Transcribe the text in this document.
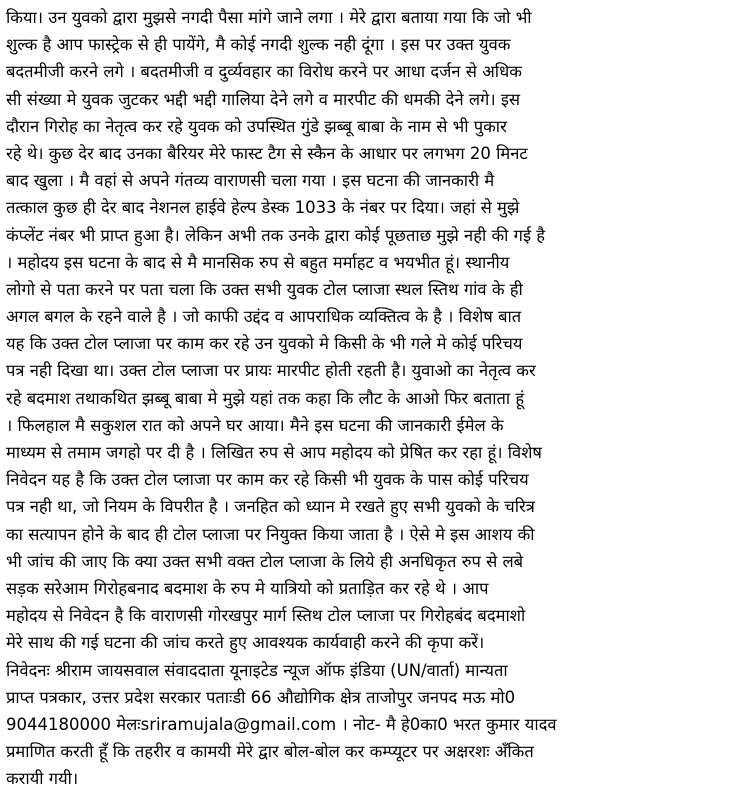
किया। उन युवको द्वारा मुझसे नगदी पैसा मांगे जाने लगा । मेरे द्वारा बताया गया कि जो भी
शुल्क है आप फास्ट्रेक से ही पायेंगे, मै कोई नगदी शुल्क नही दूंगा । इस पर उक्त युवक
बदतमीजी करने लगे । बदतमीजी व दुर्व्यवहार का विरोध करने पर आधा दर्जन से अधिक
सी संख्या मे युवक जुटकर भद्दी भद्दी गालिया देने लगे व मारपीट की धमकी देने लगे। इस
दौरान गिरोह का नेतृत्व कर रहे युवक को उपस्थित गुंडे झब्बू बाबा के नाम से भी पुकार
रहे थे। कुछ देर बाद उनका बैरियर मेरे फास्ट टैग से स्कैन के आधार पर लगभग 20 मिनट
बाद खुला । मै वहां से अपने गंतव्य वाराणसी चला गया । इस घटना की जानकारी मै
तत्काल कुछ ही देर बाद नेशनल हाईवे हेल्प डेस्क 1033 के नंबर पर दिया। जहां से मुझे
कंप्लेंट नंबर भी प्राप्त हुआ है। लेकिन अभी तक उनके द्वारा कोई पूछताछ मुझे नही की गई है
। महोदय इस घटना के बाद से मै मानसिक रुप से बहुत मर्माहट व भयभीत हूं। स्थानीय
लोगो से पता करने पर पता चला कि उक्त सभी युवक टोल प्लाजा स्थल स्तिथ गांव के ही
अगल बगल के रहने वाले है । जो काफी उद्दंद व आपराधिक व्यक्तित्व के है । विशेष बात
यह कि उक्त टोल प्लाजा पर काम कर रहे उन युवको मे किसी के भी गले मे कोई परिचय
पत्र नही दिखा था। उक्त टोल प्लाजा पर प्रायः मारपीट होती रहती है। युवाओ का नेतृत्व कर
रहे बदमाश तथाकथित झब्बू बाबा मे मुझे यहां तक कहा कि लौट के आओ फिर बताता हूं
। फिलहाल मै सकुशल रात को अपने घर आया। मैने इस घटना की जानकारी ईमेल के
माध्यम से तमाम जगहो पर दी है । लिखित रुप से आप महोदय को प्रेषित कर रहा हूं। विशेष
निवेदन यह है कि उक्त टोल प्लाजा पर काम कर रहे किसी भी युवक के पास कोई परिचय
पत्र नही था, जो नियम के विपरीत है । जनहित को ध्यान मे रखते हुए सभी युवको के चरित्र
का सत्यापन होने के बाद ही टोल प्लाजा पर नियुक्त किया जाता है । ऐसे मे इस आशय की
भी जांच की जाए कि क्या उक्त सभी वक्त टोल प्लाजा के लिये ही अनधिकृत रुप से लबे
सड़क सरेआम गिरोहबनाद बदमाश के रुप मे यात्रियो को प्रताड़ित कर रहे थे । आप
महोदय से निवेदन है कि वाराणसी गोरखपुर मार्ग स्तिथ टोल प्लाजा पर गिरोहबंद बदमाशो
मेरे साथ की गई घटना की जांच करते हुए आवश्यक कार्यवाही करने की कृपा करें।
निवेदनः श्रीराम जायसवाल संवाददाता यूनाइटेड न्यूज ऑफ इंडिया (UN/वार्ता) मान्यता
प्राप्त पत्रकार, उत्तर प्रदेश सरकार पताःडी 66 औद्योगिक क्षेत्र ताजोपुर जनपद मऊ मो0
9044180000 मेलःsriramujala@gmail.com । नोट- मै हे0का0 भरत कुमार यादव
प्रमाणित करती हूँ कि तहरीर व कामयी मेरे द्वार बोल-बोल कर कम्प्यूटर पर अक्षरशः अँकित
करायी गयी।
